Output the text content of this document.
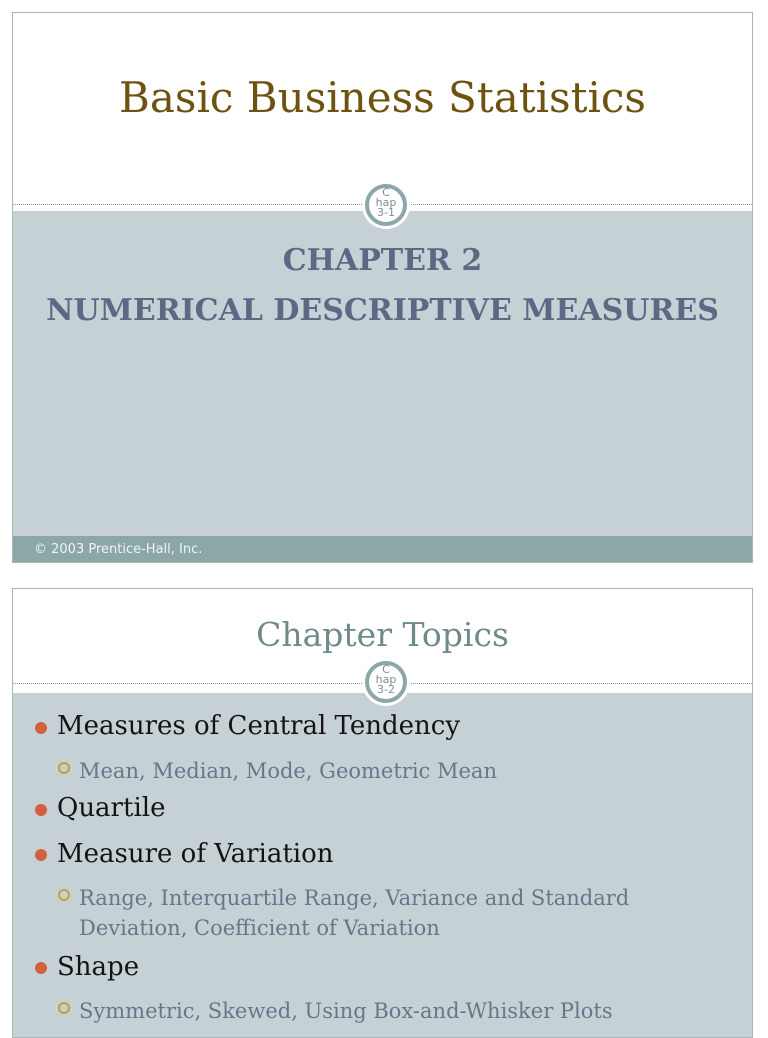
Basic Business Statistics
C
hap
3-1
CHAPTER 2
NUMERICAL DESCRIPTIVE MEASURES
© 2003 Prentice-Hall, Inc.
Chapter Topics
C
hap
3-2
Measures of Central Tendency
Mean, Median, Mode, Geometric Mean
Quartile
Measure of Variation
Range, Interquartile Range, Variance and Standard Deviation, Coefficient of Variation
Shape
Symmetric, Skewed, Using Box-and-Whisker Plots
